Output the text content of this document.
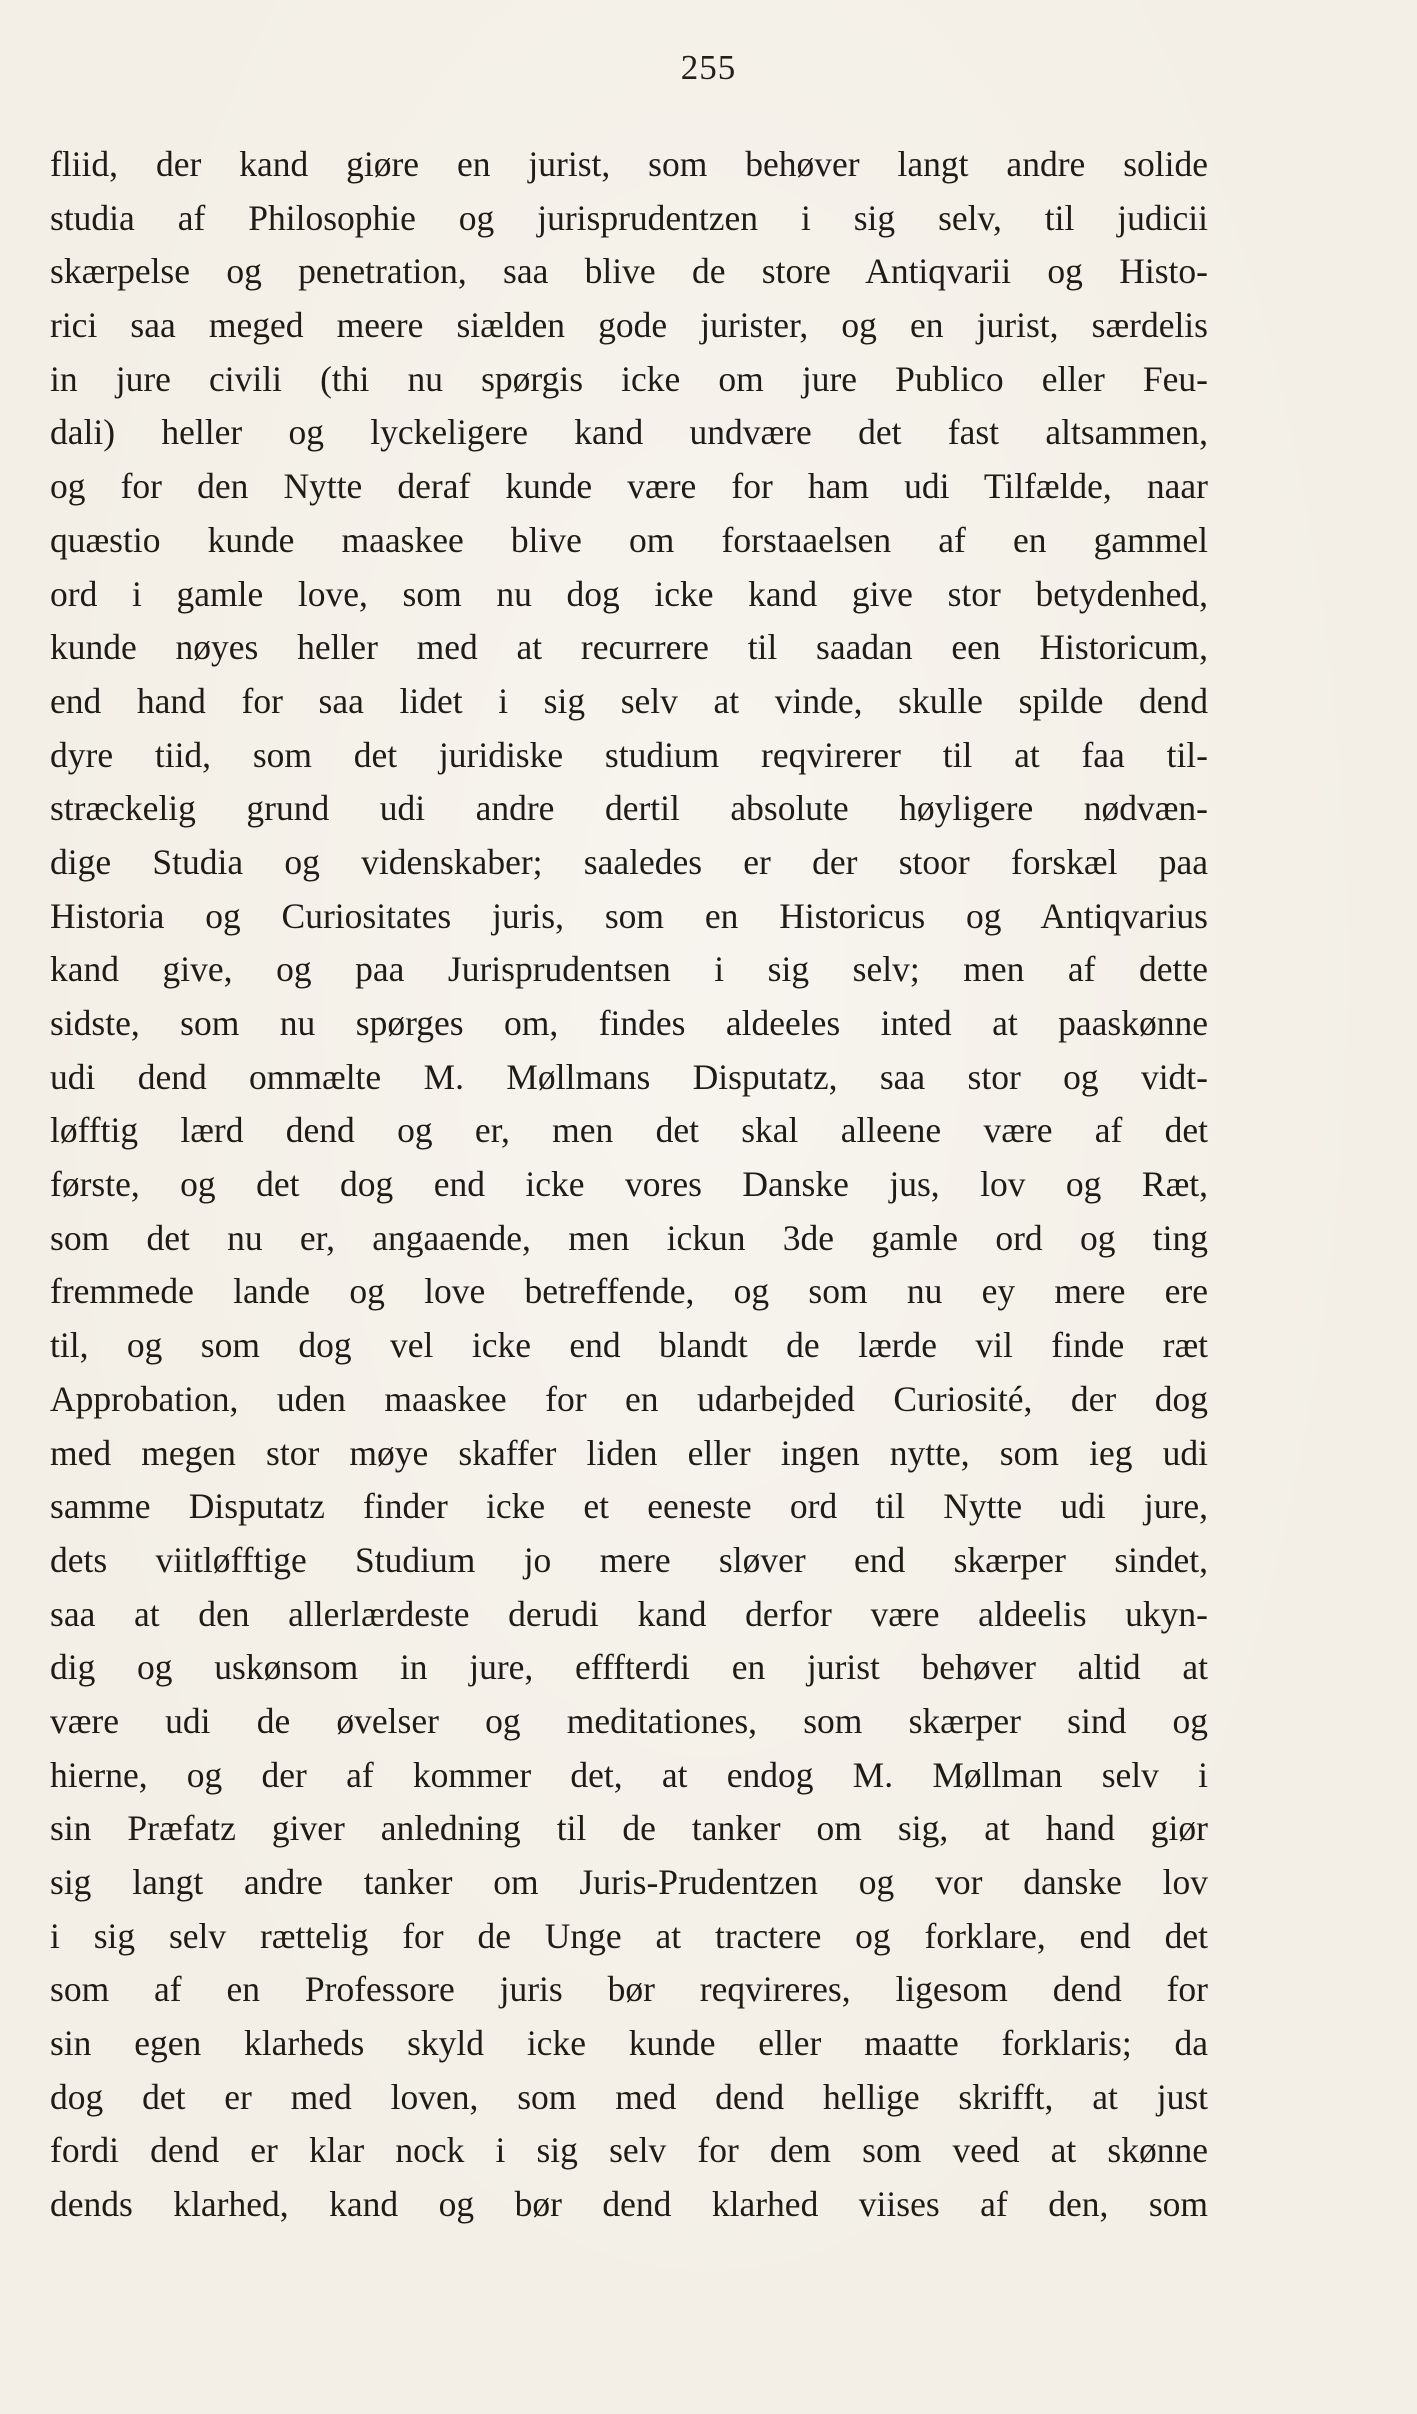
255
fliid, der kand giøre en jurist, som behøver langt andre solide
studia af Philosophie og jurisprudentzen i sig selv, til judicii
skærpelse og penetration, saa blive de store Antiqvarii og Histo-
rici saa meged meere siælden gode jurister, og en jurist, særdelis
in jure civili (thi nu spørgis icke om jure Publico eller Feu-
dali) heller og lyckeligere kand undvære det fast altsammen,
og for den Nytte deraf kunde være for ham udi Tilfælde, naar
quæstio kunde maaskee blive om forstaaelsen af en gammel
ord i gamle love, som nu dog icke kand give stor betydenhed,
kunde nøyes heller med at recurrere til saadan een Historicum,
end hand for saa lidet i sig selv at vinde, skulle spilde dend
dyre tiid, som det juridiske studium reqvirerer til at faa til-
stræckelig grund udi andre dertil absolute høyligere nødvæn-
dige Studia og videnskaber; saaledes er der stoor forskæl paa
Historia og Curiositates juris, som en Historicus og Antiqvarius
kand give, og paa Jurisprudentsen i sig selv; men af dette
sidste, som nu spørges om, findes aldeeles inted at paaskønne
udi dend ommælte M. Møllmans Disputatz, saa stor og vidt-
løfftig lærd dend og er, men det skal alleene være af det
første, og det dog end icke vores Danske jus, lov og Ræt,
som det nu er, angaaende, men ickun 3de gamle ord og ting
fremmede lande og love betreffende, og som nu ey mere ere
til, og som dog vel icke end blandt de lærde vil finde ræt
Approbation, uden maaskee for en udarbejded Curiosité, der dog
med megen stor møye skaffer liden eller ingen nytte, som ieg udi
samme Disputatz finder icke et eeneste ord til Nytte udi jure,
dets viitløfftige Studium jo mere sløver end skærper sindet,
saa at den allerlærdeste derudi kand derfor være aldeelis ukyn-
dig og uskønsom in jure, efffterdi en jurist behøver altid at
være udi de øvelser og meditationes, som skærper sind og
hierne, og der af kommer det, at endog M. Møllman selv i
sin Præfatz giver anledning til de tanker om sig, at hand giør
sig langt andre tanker om Juris-Prudentzen og vor danske lov
i sig selv rættelig for de Unge at tractere og forklare, end det
som af en Professore juris bør reqvireres, ligesom dend for
sin egen klarheds skyld icke kunde eller maatte forklaris; da
dog det er med loven, som med dend hellige skrifft, at just
fordi dend er klar nock i sig selv for dem som veed at skønne
dends klarhed, kand og bør dend klarhed viises af den, som
